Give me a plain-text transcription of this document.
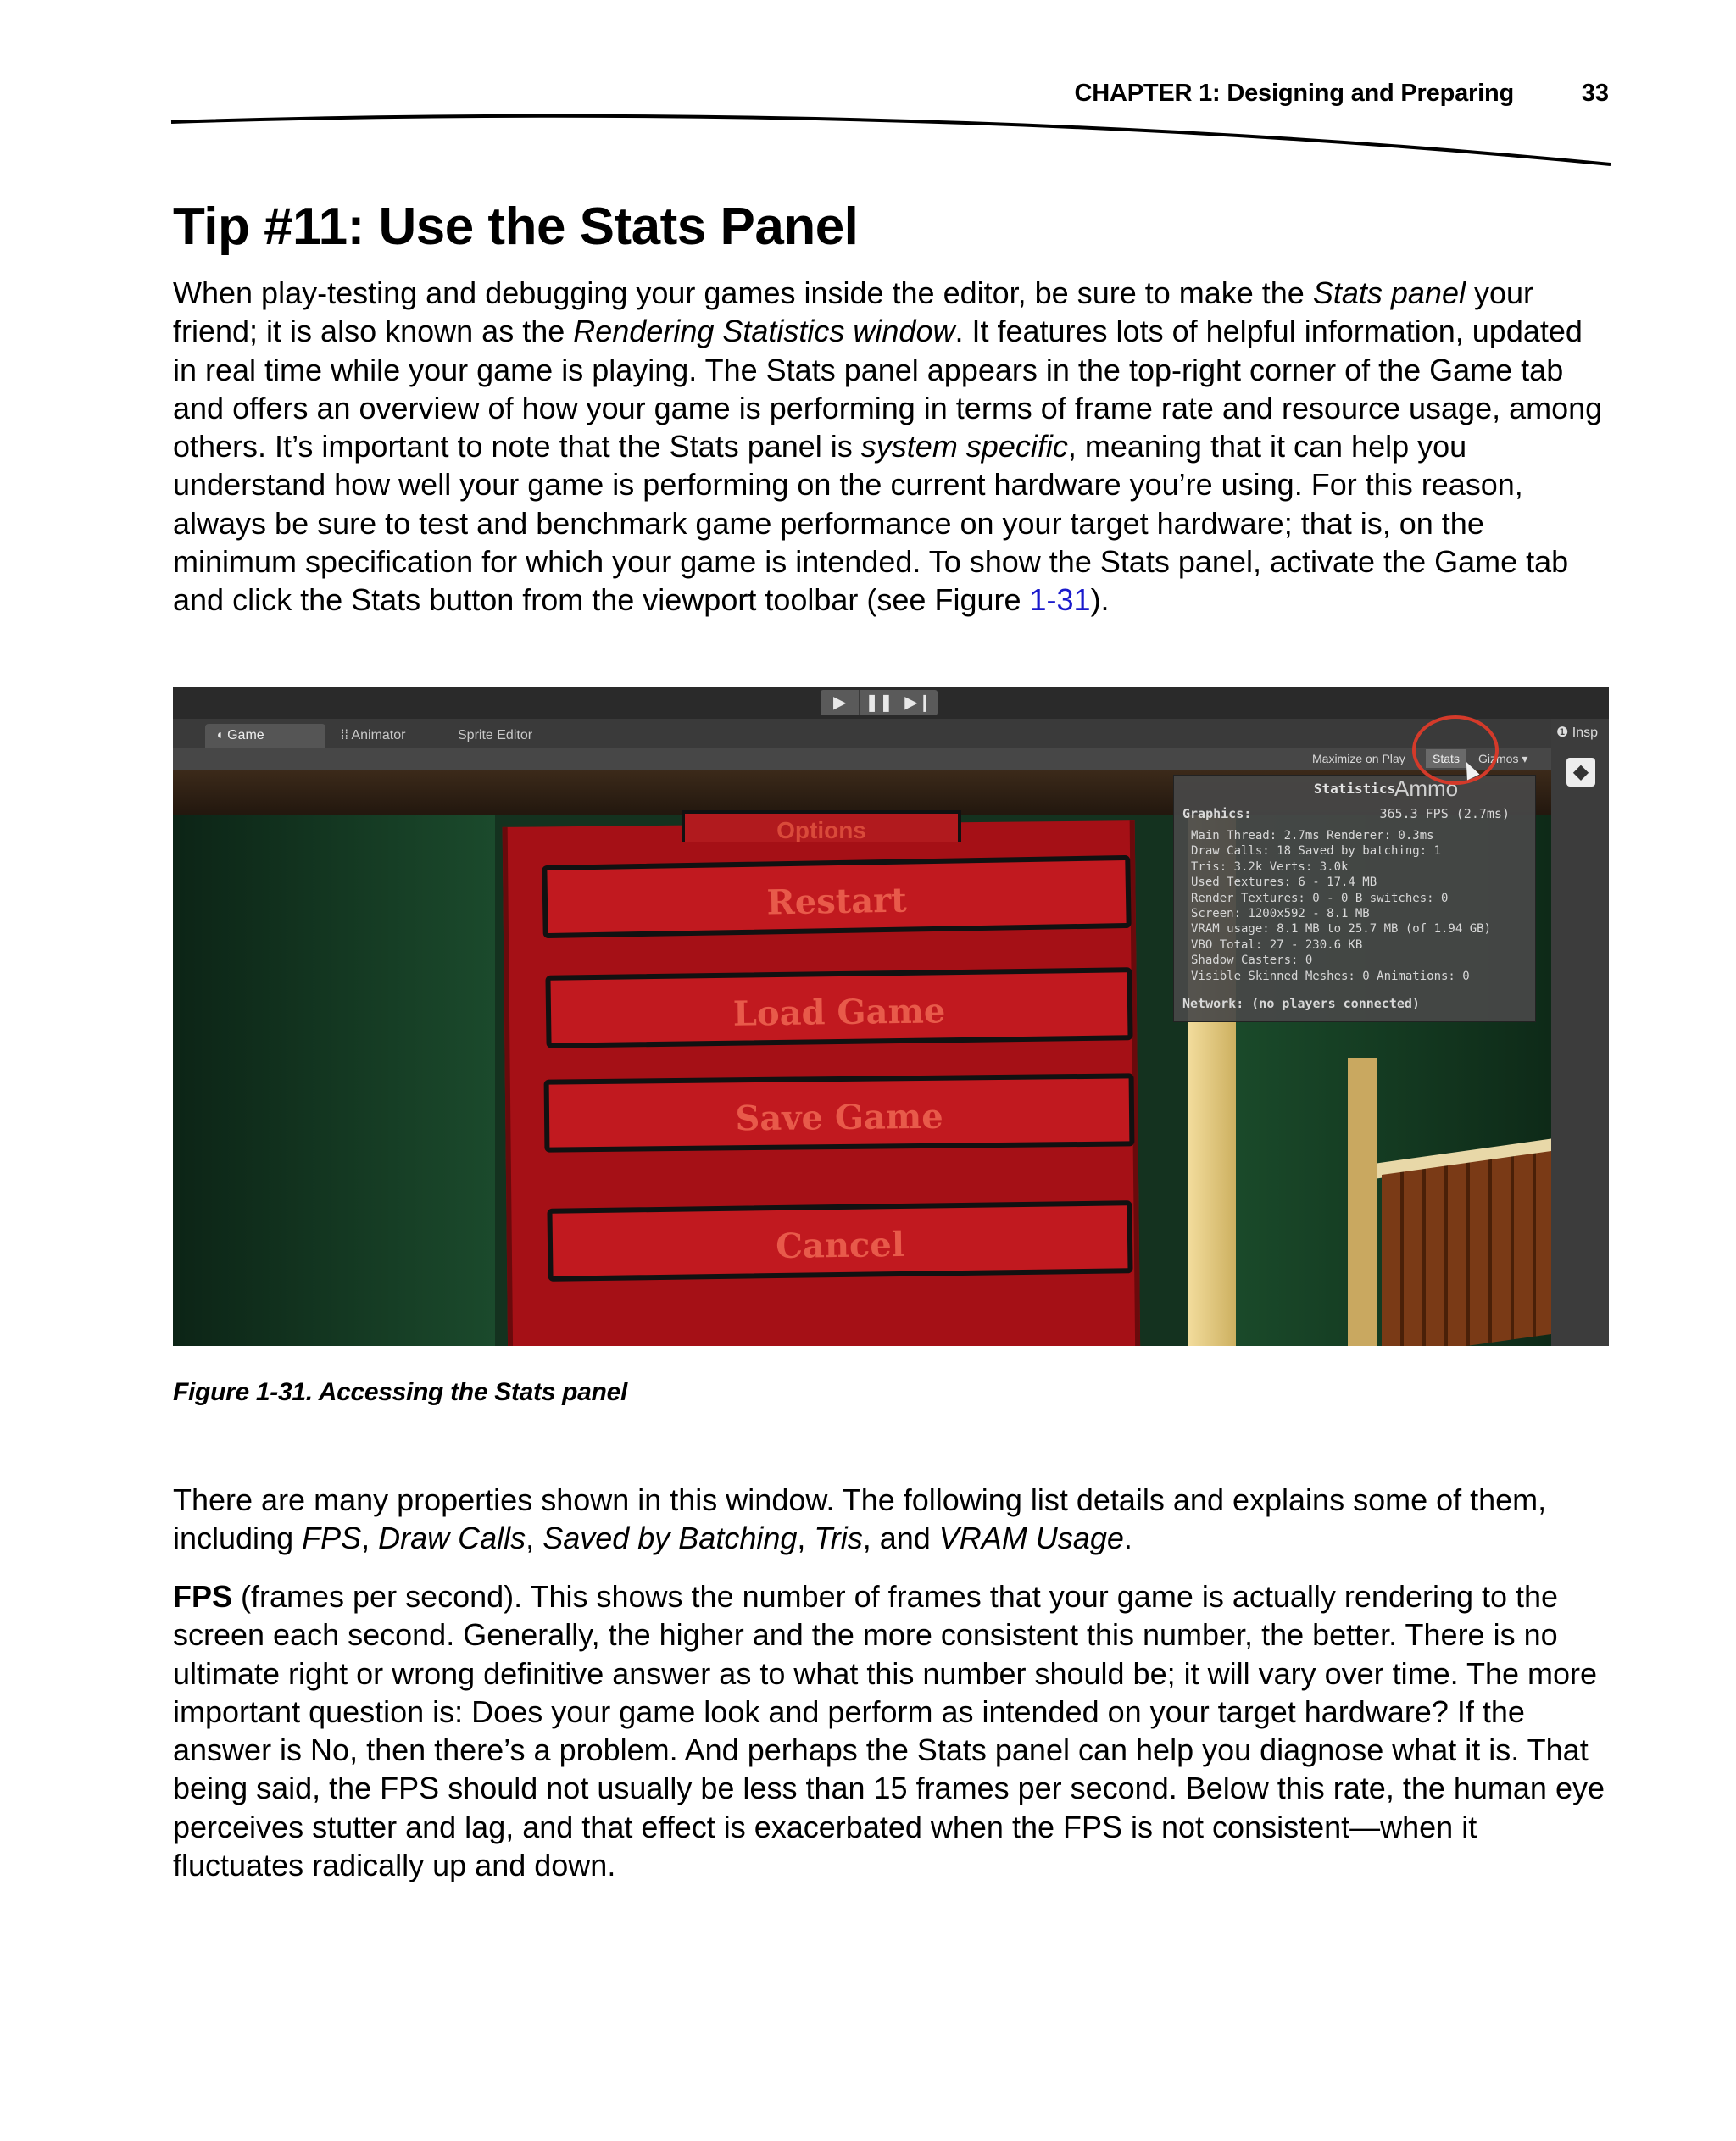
CHAPTER 1: Designing and Preparing	33
Tip #11: Use the Stats Panel

When play-testing and debugging your games inside the editor, be sure to make the Stats panel your friend; it is also known as the Rendering Statistics window. It features lots of helpful information, updated in real time while your game is playing. The Stats panel appears in the top-right corner of the Game tab and offers an overview of how your game is performing in terms of frame rate and resource usage, among others. It’s important to note that the Stats panel is system specific, meaning that it can help you understand how well your game is performing on the current hardware you’re using. For this reason, always be sure to test and benchmark game performance on your target hardware; that is, on the minimum specification for which your game is intended. To show the Stats panel, activate the Game tab and click the Stats button from the viewport toolbar (see Figure 1-31).

▶	❚❚ ▶❙
◖ Game	⁞⁞ Animator	Sprite Editor
Maximize on Play	Stats	Gizmos ▾
❶ Insp
◆
Options
Restart
Load Game
Save Game
Cancel
Ammo
Statistics
Graphics:	365.3 FPS (2.7ms)
Main Thread: 2.7ms Renderer: 0.3ms
Draw Calls: 18 Saved by batching: 1
Tris: 3.2k Verts: 3.0k
Used Textures: 6 - 17.4 MB
Render Textures: 0 - 0 B switches: 0
Screen: 1200x592 - 8.1 MB
VRAM usage: 8.1 MB to 25.7 MB (of 1.94 GB)
VBO Total: 27 - 230.6 KB
Shadow Casters: 0
Visible Skinned Meshes: 0 Animations: 0
Network: (no players connected)

Figure 1-31. Accessing the Stats panel

There are many properties shown in this window. The following list details and explains some of them, including FPS, Draw Calls, Saved by Batching, Tris, and VRAM Usage.

FPS (frames per second). This shows the number of frames that your game is actually rendering to the screen each second. Generally, the higher and the more consistent this number, the better. There is no ultimate right or wrong definitive answer as to what this number should be; it will vary over time. The more important question is: Does your game look and perform as intended on your target hardware? If the answer is No, then there’s a problem. And perhaps the Stats panel can help you diagnose what it is. That being said, the FPS should not usually be less than 15 frames per second. Below this rate, the human eye perceives stutter and lag, and that effect is exacerbated when the FPS is not consistent—when it fluctuates radically up and down.
